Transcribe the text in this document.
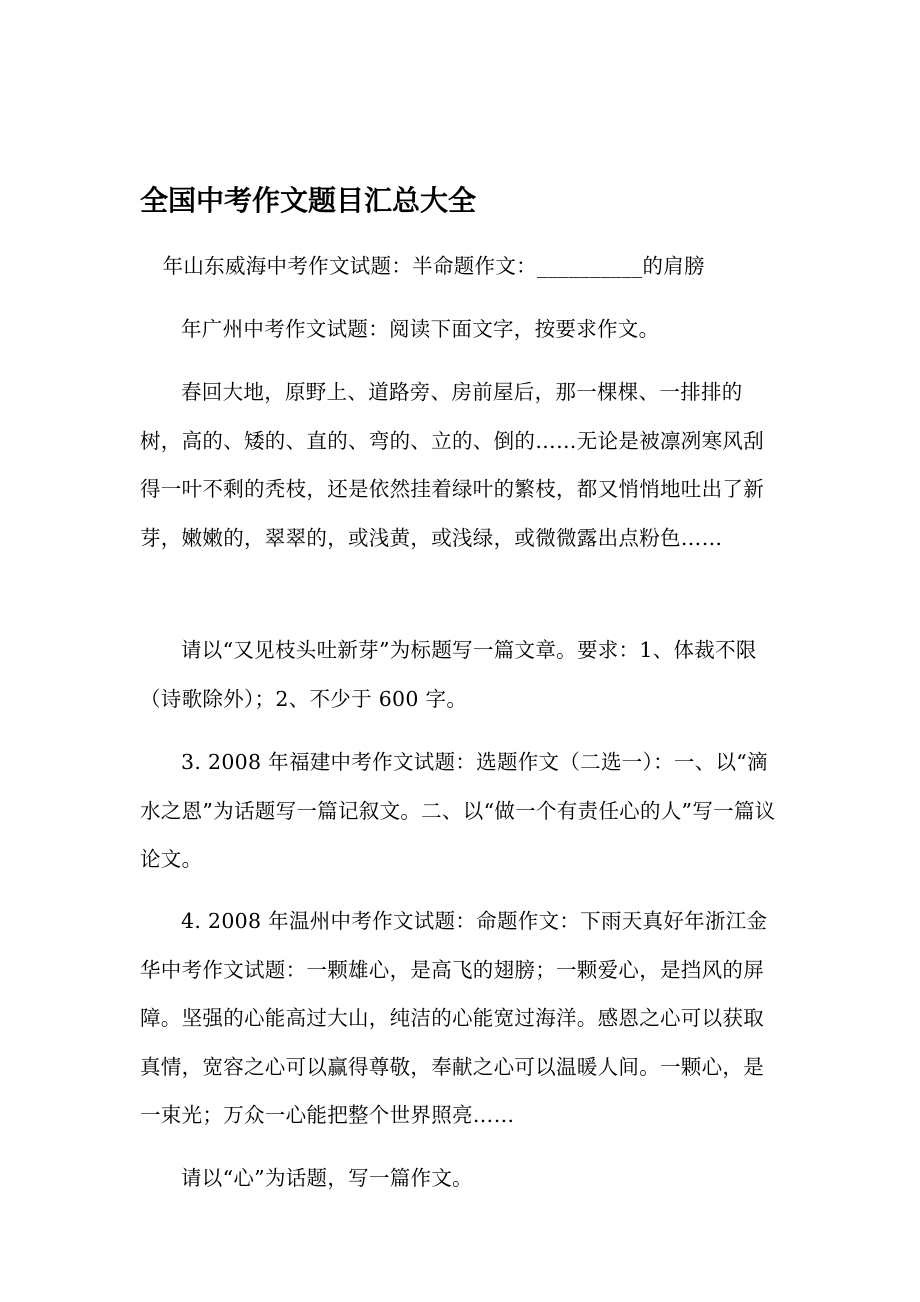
全国中考作文题目汇总大全

年山东威海中考作文试题：半命题作文：__________的肩膀

年广州中考作文试题：阅读下面文字，按要求作文。

春回大地，原野上、道路旁、房前屋后，那一棵棵、一排排的树，高的、矮的、直的、弯的、立的、倒的……无论是被凛冽寒风刮得一叶不剩的秃枝，还是依然挂着绿叶的繁枝，都又悄悄地吐出了新芽，嫩嫩的，翠翠的，或浅黄，或浅绿，或微微露出点粉色……

请以“又见枝头吐新芽”为标题写一篇文章。要求：1、体裁不限（诗歌除外）；2、不少于 600 字。

3. 2008 年福建中考作文试题：选题作文（二选一）：一、以“滴水之恩”为话题写一篇记叙文。二、以“做一个有责任心的人”写一篇议论文。

4. 2008 年温州中考作文试题：命题作文：下雨天真好年浙江金华中考作文试题：一颗雄心，是高飞的翅膀；一颗爱心，是挡风的屏障。坚强的心能高过大山，纯洁的心能宽过海洋。感恩之心可以获取真情，宽容之心可以赢得尊敬，奉献之心可以温暖人间。一颗心，是一束光；万众一心能把整个世界照亮……

请以“心”为话题，写一篇作文。
